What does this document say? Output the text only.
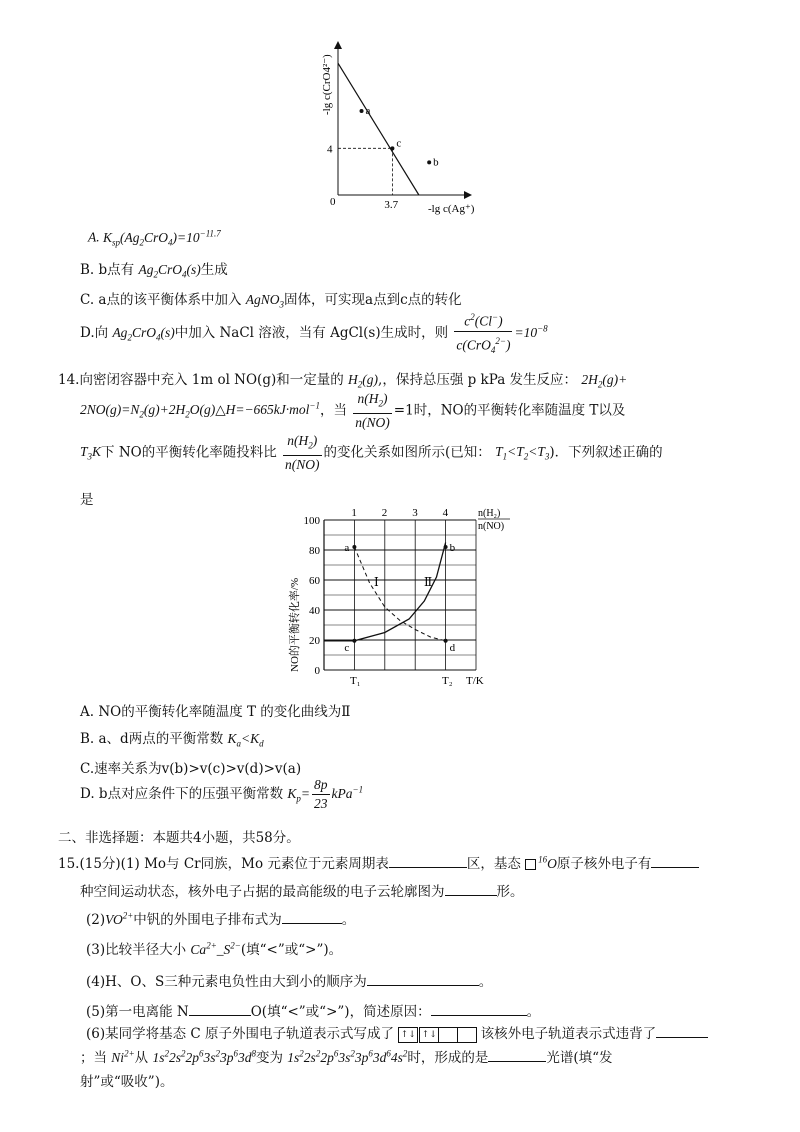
a
c
b
0	3.7
4
-lg c(Ag⁺)
-lg c(CrO4²⁻)
A. $K_{sp}(Ag_2CrO_4)=10^{-11.7}$
B. b点有 $Ag_2CrO_4(s)$生成
C. a点的该平衡体系中加入 AgNO$_3$固体，可实现a点到c点的转化
D.向 $Ag_2CrO_4(s)$中加入 NaCl 溶液，当有 AgCl(s)生成时，则 $\frac{c^2(Cl^-)}{c(CrO_4^{2-})} =10^{-8}$
14.向密闭容器中充入 1m ol NO(g)和一定量的 $H_2(g)$,，保持总压强 p kPa 发生反应： $2H_2(g)+$
$2NO(g)=N_2(g)+2H_2O(g)\triangle H=-665kJ\cdot mol^{-1}$，当 $\frac{n(H_2)}{n(NO)} =1$时，NO的平衡转化率随温度 T以及
$T_3K$下 NO的平衡转化率随投料比 $\frac{n(H_2)}{n(NO)}$ 的变化关系如图所示(已知： $T_1<T_2<T_3$)．下列叙述正确的
是
0
20
40
60
80
100
1 2 3 4
a	b
c	d
Ⅰ	Ⅱ
T₁	T₂ T/K
n(H₂)
n(NO)
NO的平衡转化率/%
A. NO的平衡转化率随温度 T 的变化曲线为Ⅱ
B. a、d两点的平衡常数 $K_a<K_d$
C.速率关系为v(b)>v(c)>v(d)>v(a)
D. b点对应条件下的压强平衡常数 $K_p= \frac{8p}{23} kPa^{-1}$
二、非选择题：本题共4小题，共58分。
15.(15分)(1) Mo与 Cr同族，Mo 元素位于元素周期表	区，基态 $^{16}$O原子核外电子有
种空间运动状态，核外电子占据的最高能级的电子云轮廓图为	形。
$(2)VO^{2+}$中钒的外围电子排布式为	。
(3)比较半径大小 $Ca^{2+}\_S^{2-}$(填“<”或“>”)。
(4)H、O、S三种元素电负性由大到小的顺序为	。
(5)第一电离能 N	O(填“<”或“>”)，简述原因：	。
(6)某同学将基态 C 原子外围电子轨道表示式写成了 ↑↓ ↑↓	该核外电子轨道表示式违背了
；当 $Ni^{2+}$从 $1s^22s^22p^63s^23p^63d^8$变为 $1s^22s^22p^63s^23p^63d^64s^2$时，形成的是	光谱(填“发
射”或“吸收”)。
